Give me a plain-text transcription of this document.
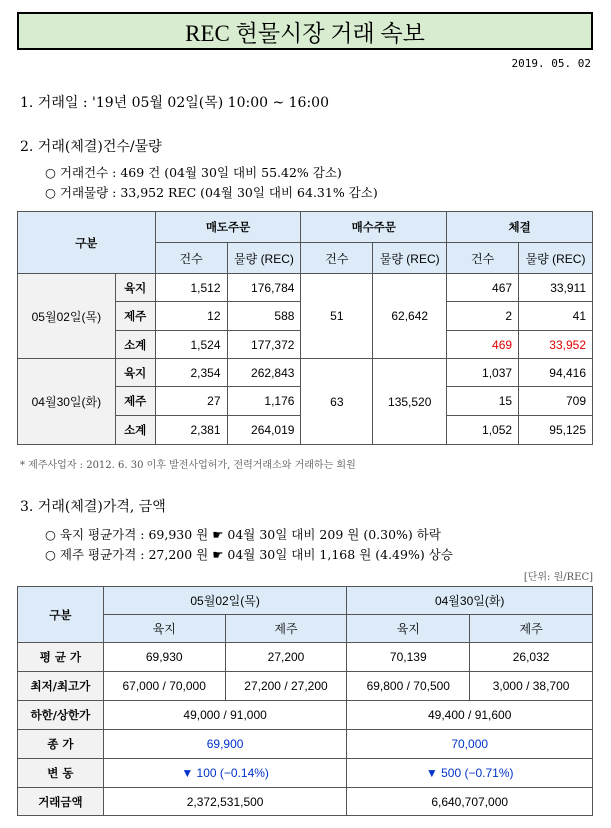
REC 현물시장 거래 속보
2019. 05. 02
1. 거래일 : '19년 05월 02일(목) 10:00 ~ 16:00
2. 거래(체결)건수/물량
○ 거래건수 : 469 건 (04월 30일 대비 55.42% 감소)
○ 거래물량 : 33,952 REC (04월 30일 대비 64.31% 감소)
구분		매도주문		매수주문		체결	
		건수	물량 (REC)	건수	물량 (REC)	건수	물량 (REC)
05월02일(목)	육지	1,512	176,784	51	62,642	467	33,911
	제주	12	588			2	41
	소계	1,524	177,372			469	33,952
04월30일(화)	육지	2,354	262,843	63	135,520	1,037	94,416
	제주	27	1,176			15	709
	소계	2,381	264,019			1,052	95,125
* 제주사업자 : 2012. 6. 30 이후 발전사업허가, 전력거래소와 거래하는 회원
3. 거래(체결)가격, 금액
○ 육지 평균가격 : 69,930 원 ☛ 04월 30일 대비 209 원 (0.30%) 하락
○ 제주 평균가격 : 27,200 원 ☛ 04월 30일 대비 1,168 원 (4.49%) 상승
[단위: 원/REC]
구분	05월02일(목)		04월30일(화)	
	육지	제주	육지	제주
평 균 가	69,930	27,200	70,139	26,032
최저/최고가	67,000 / 70,000	27,200 / 27,200	69,800 / 70,500	3,000 / 38,700
하한/상한가	49,000 / 91,000		49,400 / 91,600	
종 가	69,900		70,000	
변 동	▼ 100 (−0.14%)		▼ 500 (−0.71%)	
거래금액	2,372,531,500		6,640,707,000	
